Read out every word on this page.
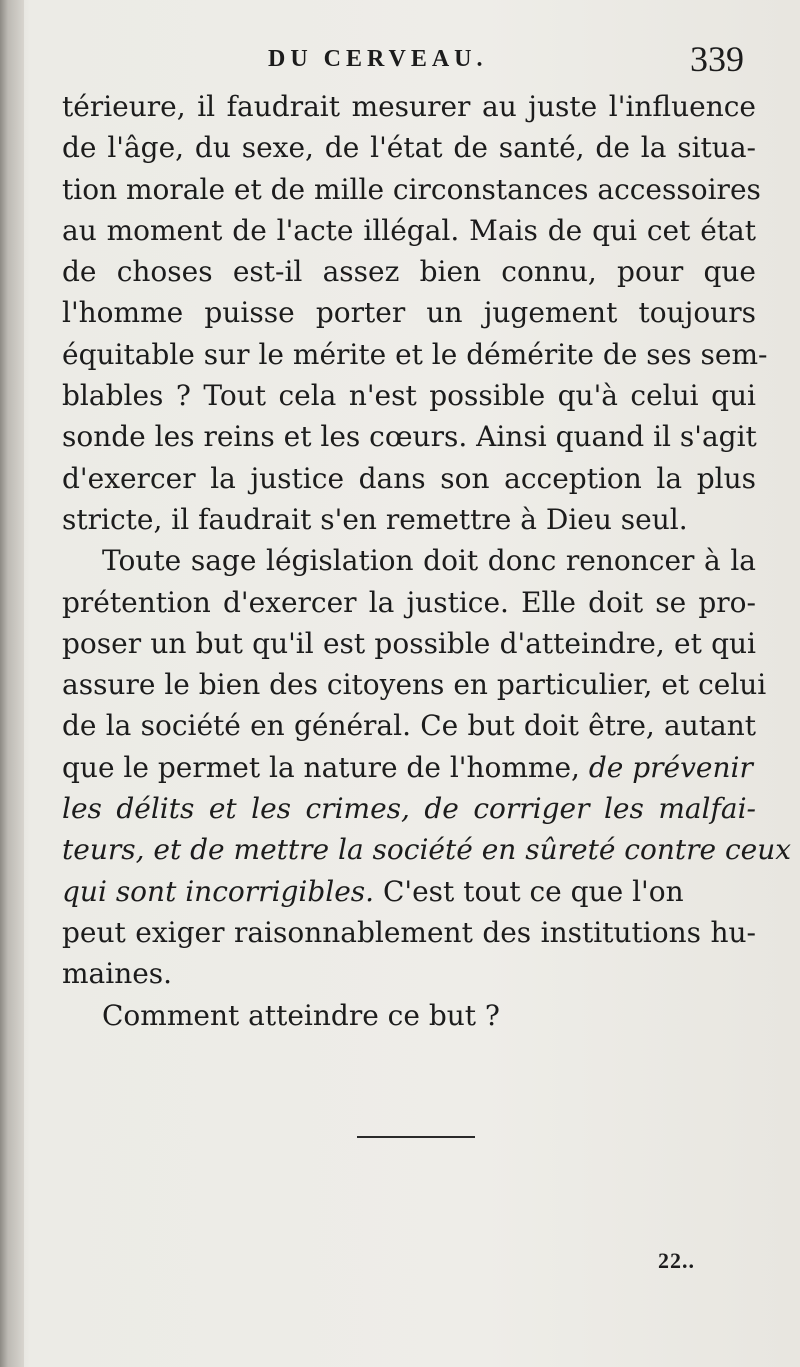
DU CERVEAU.	339
térieure, il faudrait mesurer au juste l'influence
de l'âge, du sexe, de l'état de santé, de la situa-
tion morale et de mille circonstances accessoires
au moment de l'acte illégal. Mais de qui cet état
de choses est-il assez bien connu, pour que
l'homme puisse porter un jugement toujours
équitable sur le mérite et le démérite de ses sem-
blables ? Tout cela n'est possible qu'à celui qui
sonde les reins et les cœurs. Ainsi quand il s'agit
d'exercer la justice dans son acception la plus
stricte, il faudrait s'en remettre à Dieu seul.
Toute sage législation doit donc renoncer à la
prétention d'exercer la justice. Elle doit se pro-
poser un but qu'il est possible d'atteindre, et qui
assure le bien des citoyens en particulier, et celui
de la société en général. Ce but doit être, autant
que le permet la nature de l'homme, de prévenir
les délits et les crimes, de corriger les malfai-
teurs, et de mettre la société en sûreté contre ceux
qui sont incorrigibles. C'est tout ce que l'on
peut exiger raisonnablement des institutions hu-
maines.
Comment atteindre ce but ?
22..
